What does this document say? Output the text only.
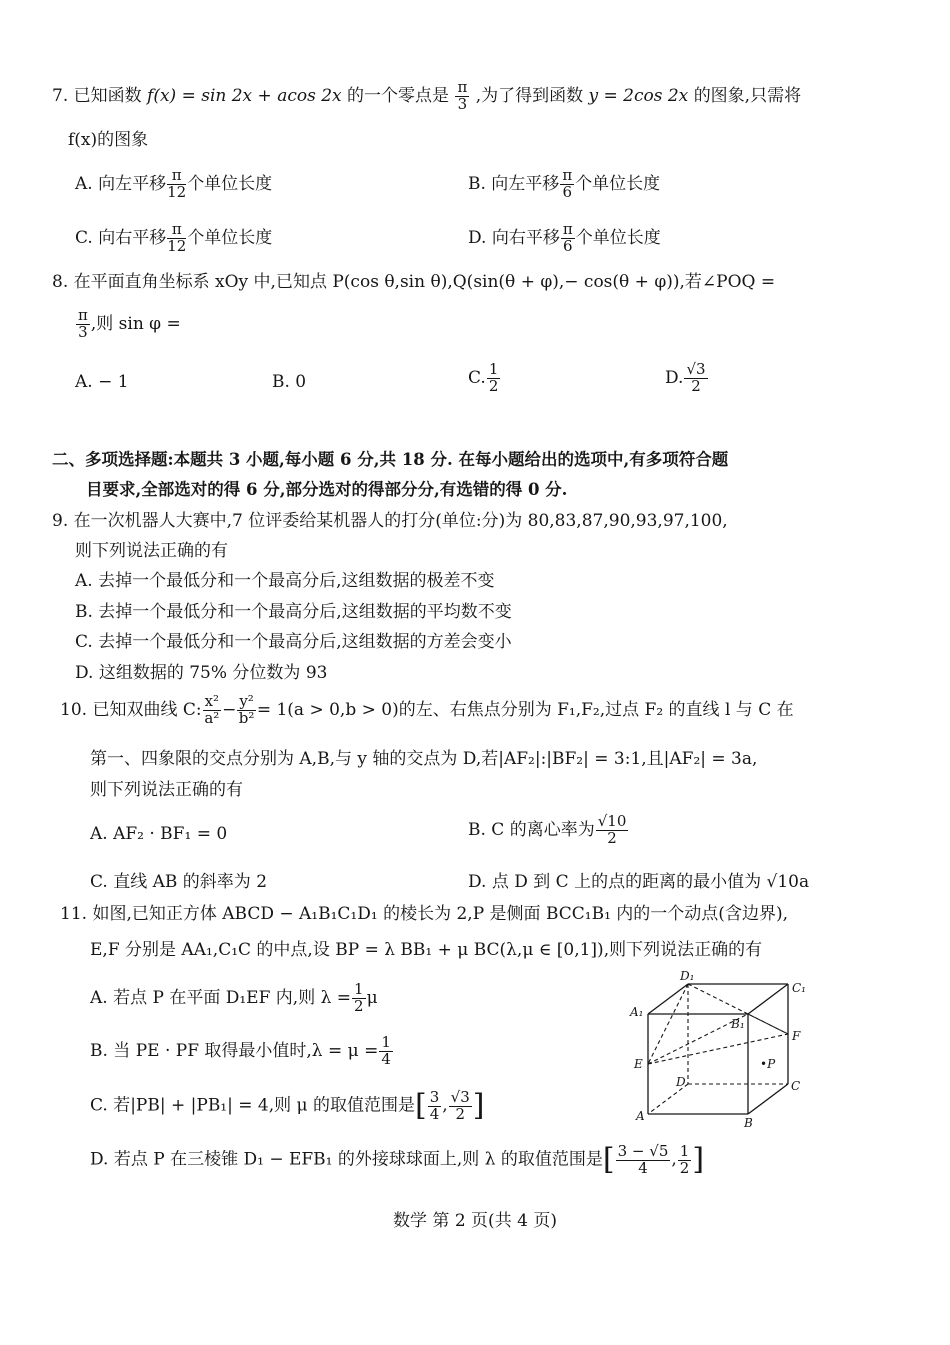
7. 已知函数 f(x) = sin 2x + acos 2x 的一个零点是 $\frac{\pi}{3}$ ,为了得到函数 y = 2cos 2x 的图象,只需将
f(x)的图象
A. 向左平移 $\frac{\pi}{12}$ 个单位长度	B. 向左平移 $\frac{\pi}{6}$ 个单位长度
C. 向右平移 $\frac{\pi}{12}$ 个单位长度	D. 向右平移 $\frac{\pi}{6}$ 个单位长度
8. 在平面直角坐标系 xOy 中,已知点 P(cos θ,sin θ),Q(sin(θ + φ),− cos(θ + φ)),若∠POQ =
$\frac{\pi}{3}$ ,则 sin φ =
A. − 1	B. 0	C. $\frac{1}{2}$	D. $\frac{√3}{2}$
二、多项选择题:本题共 3 小题,每小题 6 分,共 18 分. 在每小题给出的选项中,有多项符合题
目要求,全部选对的得 6 分,部分选对的得部分分,有选错的得 0 分.
9. 在一次机器人大赛中,7 位评委给某机器人的打分(单位:分)为 80,83,87,90,93,97,100,
则下列说法正确的有
A. 去掉一个最低分和一个最高分后,这组数据的极差不变
B. 去掉一个最低分和一个最高分后,这组数据的平均数不变
C. 去掉一个最低分和一个最高分后,这组数据的方差会变小
D. 这组数据的 75% 分位数为 93
10. 已知双曲线 C: $\frac{\text{x²}}{\text{a²}} - \frac{\text{y²}}{\text{b²}} = 1(a > 0,b > 0)$的左、右焦点分别为 F₁,F₂,过点 F₂ 的直线 l 与 C 在
第一、四象限的交点分别为 A,B,与 y 轴的交点为 D,若|AF₂|:|BF₂| = 3:1,且|AF₂| = 3a,
则下列说法正确的有
A. AF₂ · BF₁ = 0	B. C 的离心率为 $\frac{√10}{2}$
C. 直线 AB 的斜率为 2	D. 点 D 到 C 上的点的距离的最小值为 √10a
11. 如图,已知正方体 ABCD − A₁B₁C₁D₁ 的棱长为 2,P 是侧面 BCC₁B₁ 内的一个动点(含边界),
E,F 分别是 AA₁,C₁C 的中点,设 BP = λ BB₁ + μ BC(λ,μ ∈ [0,1]),则下列说法正确的有
A. 若点 P 在平面 D₁EF 内,则 $\lambda = \frac{1}{2}$ μ
B. 当 PE · PF 取得最小值时$,\lambda = \mu = \frac{1}{4}$
C. 若|PB| + |PB₁| = 4,则 μ 的取值范围是[ $\frac{3}{4}$ , $\frac{√3}{2}$ ]
D. 若点 P 在三棱锥 D₁ − EFB₁ 的外接球球面上,则 λ 的取值范围是[ $\frac{3 - √5}{4}$ , $\frac{1}{2}$ ]
D₁
C₁
A₁
B₁
F
E	•P
D	C
A	B
数学 第 2 页(共 4 页)
